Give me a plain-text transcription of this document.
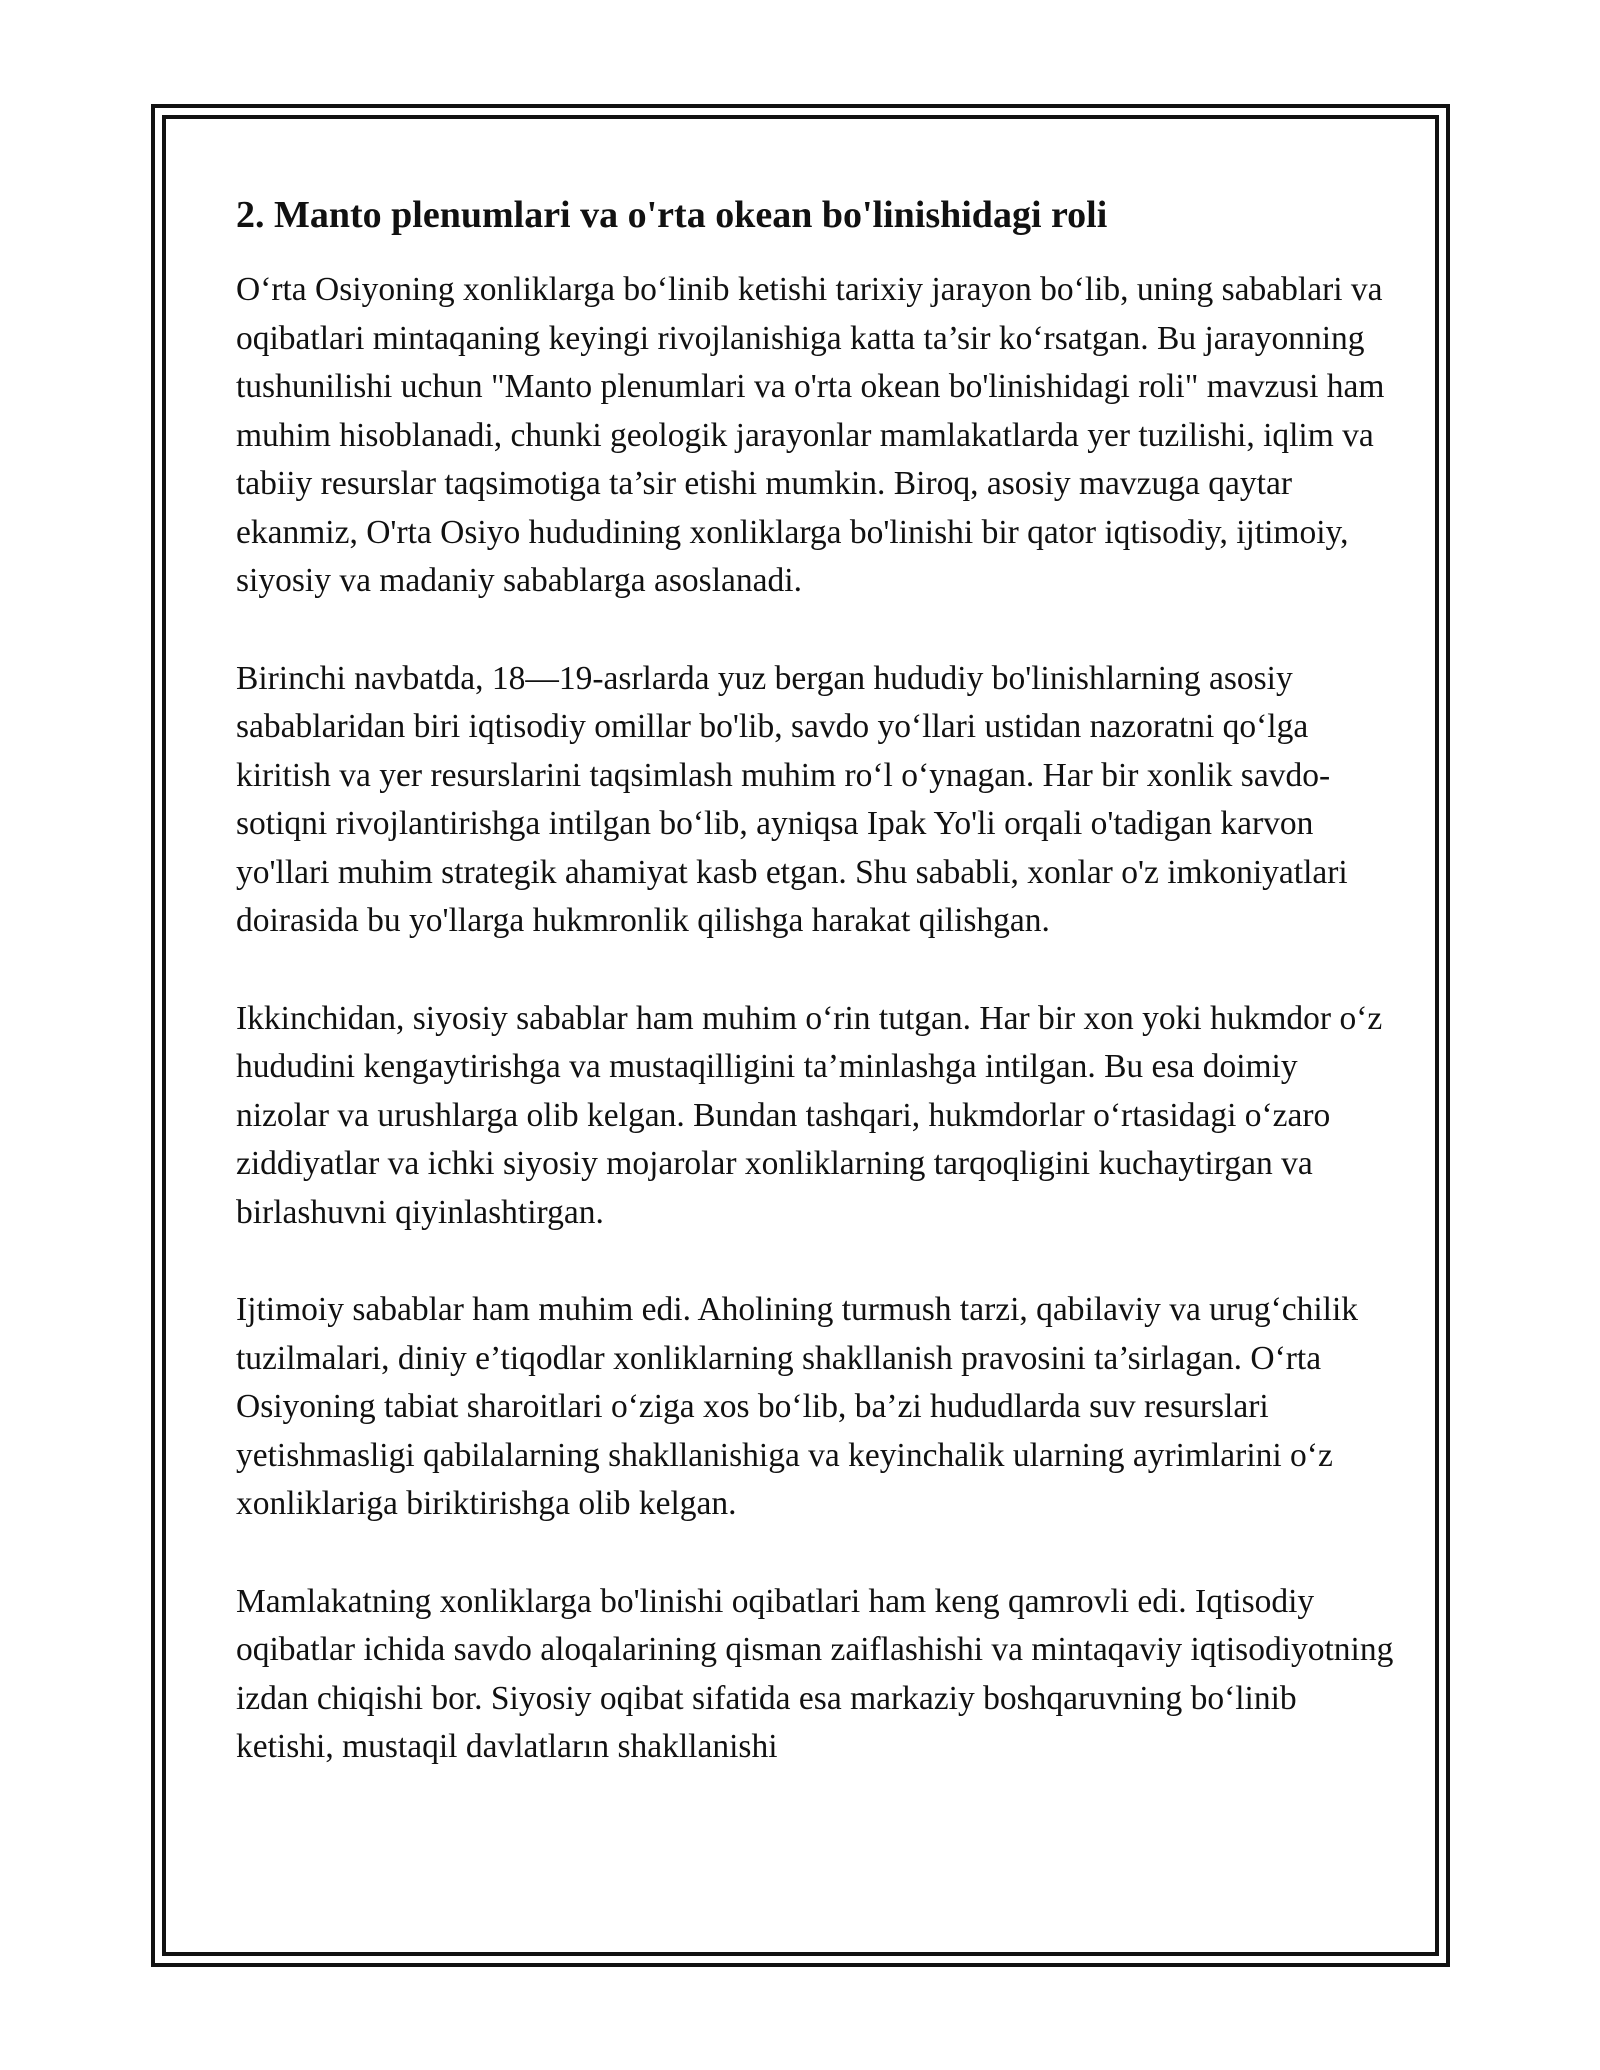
2. Manto plenumlari va o'rta okean bo'linishidagi roli

O‘rta Osiyoning xonliklarga bo‘linib ketishi tarixiy jarayon bo‘lib, uning sabablari va oqibatlari mintaqaning keyingi rivojlanishiga katta ta’sir ko‘rsatgan. Bu jarayonning tushunilishi uchun "Manto plenumlari va o'rta okean bo'linishidagi roli" mavzusi ham muhim hisoblanadi, chunki geologik jarayonlar mamlakatlarda yer tuzilishi, iqlim va tabiiy resurslar taqsimotiga ta’sir etishi mumkin. Biroq, asosiy mavzuga qaytar ekanmiz, O'rta Osiyo hududining xonliklarga bo'linishi bir qator iqtisodiy, ijtimoiy, siyosiy va madaniy sabablarga asoslanadi.

Birinchi navbatda, 18—19-asrlarda yuz bergan hududiy bo'linishlarning asosiy sabablaridan biri iqtisodiy omillar bo'lib, savdo yo‘llari ustidan nazoratni qo‘lga kiritish va yer resurslarini taqsimlash muhim ro‘l o‘ynagan. Har bir xonlik savdo-sotiqni rivojlantirishga intilgan bo‘lib, ayniqsa Ipak Yo'li orqali o'tadigan karvon yo'llari muhim strategik ahamiyat kasb etgan. Shu sababli, xonlar o'z imkoniyatlari doirasida bu yo'llarga hukmronlik qilishga harakat qilishgan.

Ikkinchidan, siyosiy sabablar ham muhim o‘rin tutgan. Har bir xon yoki hukmdor o‘z hududini kengaytirishga va mustaqilligini ta’minlashga intilgan. Bu esa doimiy nizolar va urushlarga olib kelgan. Bundan tashqari, hukmdorlar o‘rtasidagi o‘zaro ziddiyatlar va ichki siyosiy mojarolar xonliklarning tarqoqligini kuchaytirgan va birlashuvni qiyinlashtirgan.

Ijtimoiy sabablar ham muhim edi. Aholining turmush tarzi, qabilaviy va urug‘chilik tuzilmalari, diniy e’tiqodlar xonliklarning shakllanish pravosini ta’sirlagan. O‘rta Osiyoning tabiat sharoitlari o‘ziga xos bo‘lib, ba’zi hududlarda suv resurslari yetishmasligi qabilalarning shakllanishiga va keyinchalik ularning ayrimlarini o‘z xonliklariga biriktirishga olib kelgan.

Mamlakatning xonliklarga bo'linishi oqibatlari ham keng qamrovli edi. Iqtisodiy oqibatlar ichida savdo aloqalarining qisman zaiflashishi va mintaqaviy iqtisodiyotning izdan chiqishi bor. Siyosiy oqibat sifatida esa markaziy boshqaruvning bo‘linib ketishi, mustaqil davlatların shakllanishi
